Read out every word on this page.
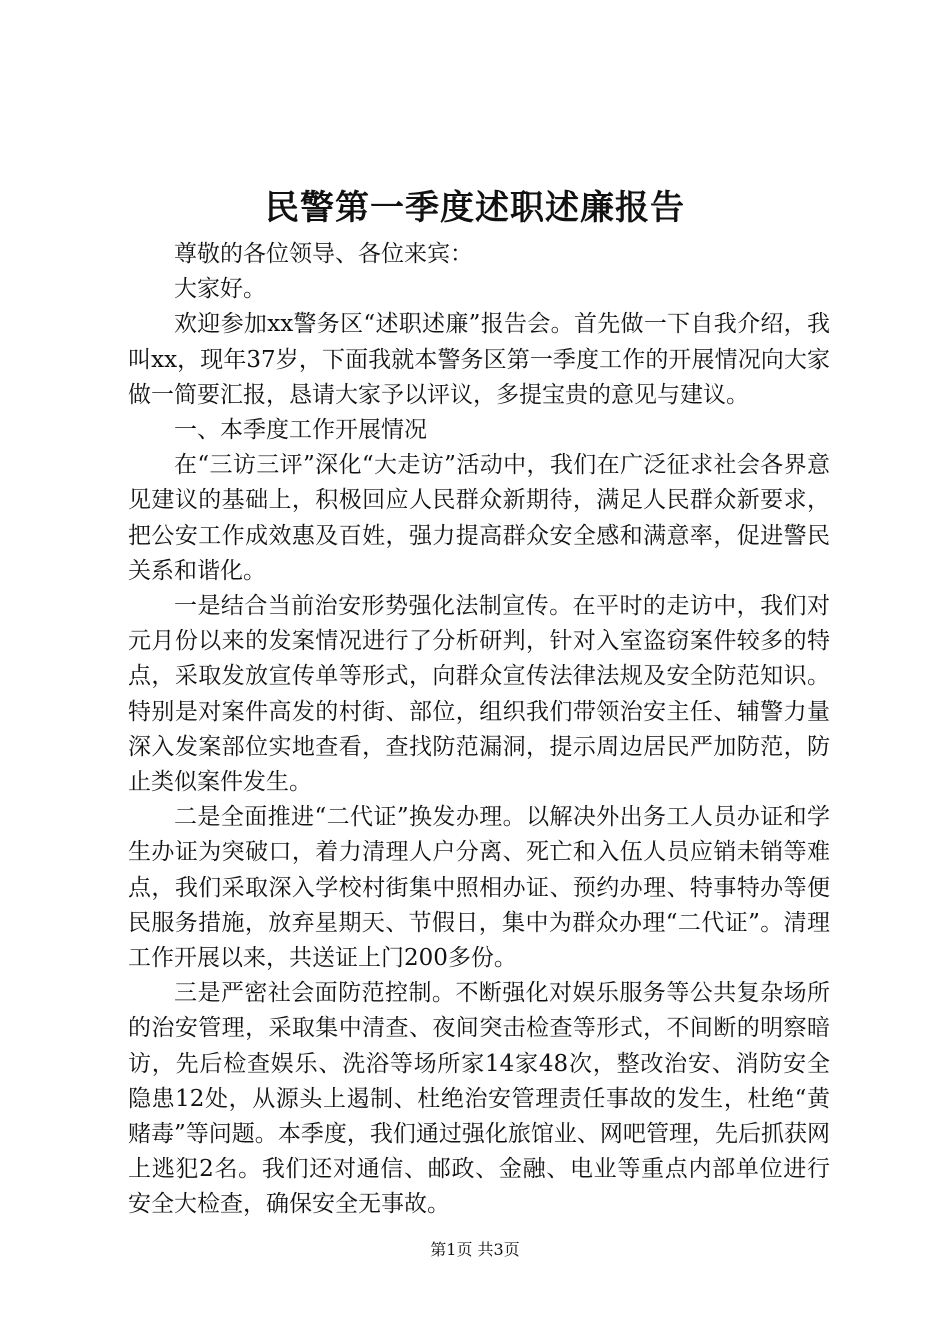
民警第一季度述职述廉报告

尊敬的各位领导、各位来宾：

大家好。

欢迎参加xx警务区“述职述廉”报告会。首先做一下自我介绍，我叫xx，现年37岁，下面我就本警务区第一季度工作的开展情况向大家做一简要汇报，恳请大家予以评议，多提宝贵的意见与建议。

一、本季度工作开展情况

在“三访三评”深化“大走访”活动中，我们在广泛征求社会各界意见建议的基础上，积极回应人民群众新期待，满足人民群众新要求，把公安工作成效惠及百姓，强力提高群众安全感和满意率，促进警民关系和谐化。

一是结合当前治安形势强化法制宣传。在平时的走访中，我们对元月份以来的发案情况进行了分析研判，针对入室盗窃案件较多的特点，采取发放宣传单等形式，向群众宣传法律法规及安全防范知识。特别是对案件高发的村街、部位，组织我们带领治安主任、辅警力量深入发案部位实地查看，查找防范漏洞，提示周边居民严加防范，防止类似案件发生。

二是全面推进“二代证”换发办理。以解决外出务工人员办证和学生办证为突破口，着力清理人户分离、死亡和入伍人员应销未销等难点，我们采取深入学校村街集中照相办证、预约办理、特事特办等便民服务措施，放弃星期天、节假日，集中为群众办理“二代证”。清理工作开展以来，共送证上门200多份。

三是严密社会面防范控制。不断强化对娱乐服务等公共复杂场所的治安管理，采取集中清查、夜间突击检查等形式，不间断的明察暗访，先后检查娱乐、洗浴等场所家14家48次，整改治安、消防安全隐患12处，从源头上遏制、杜绝治安管理责任事故的发生，杜绝“黄赌毒”等问题。本季度，我们通过强化旅馆业、网吧管理，先后抓获网上逃犯2名。我们还对通信、邮政、金融、电业等重点内部单位进行安全大检查，确保安全无事故。

第1页 共3页
